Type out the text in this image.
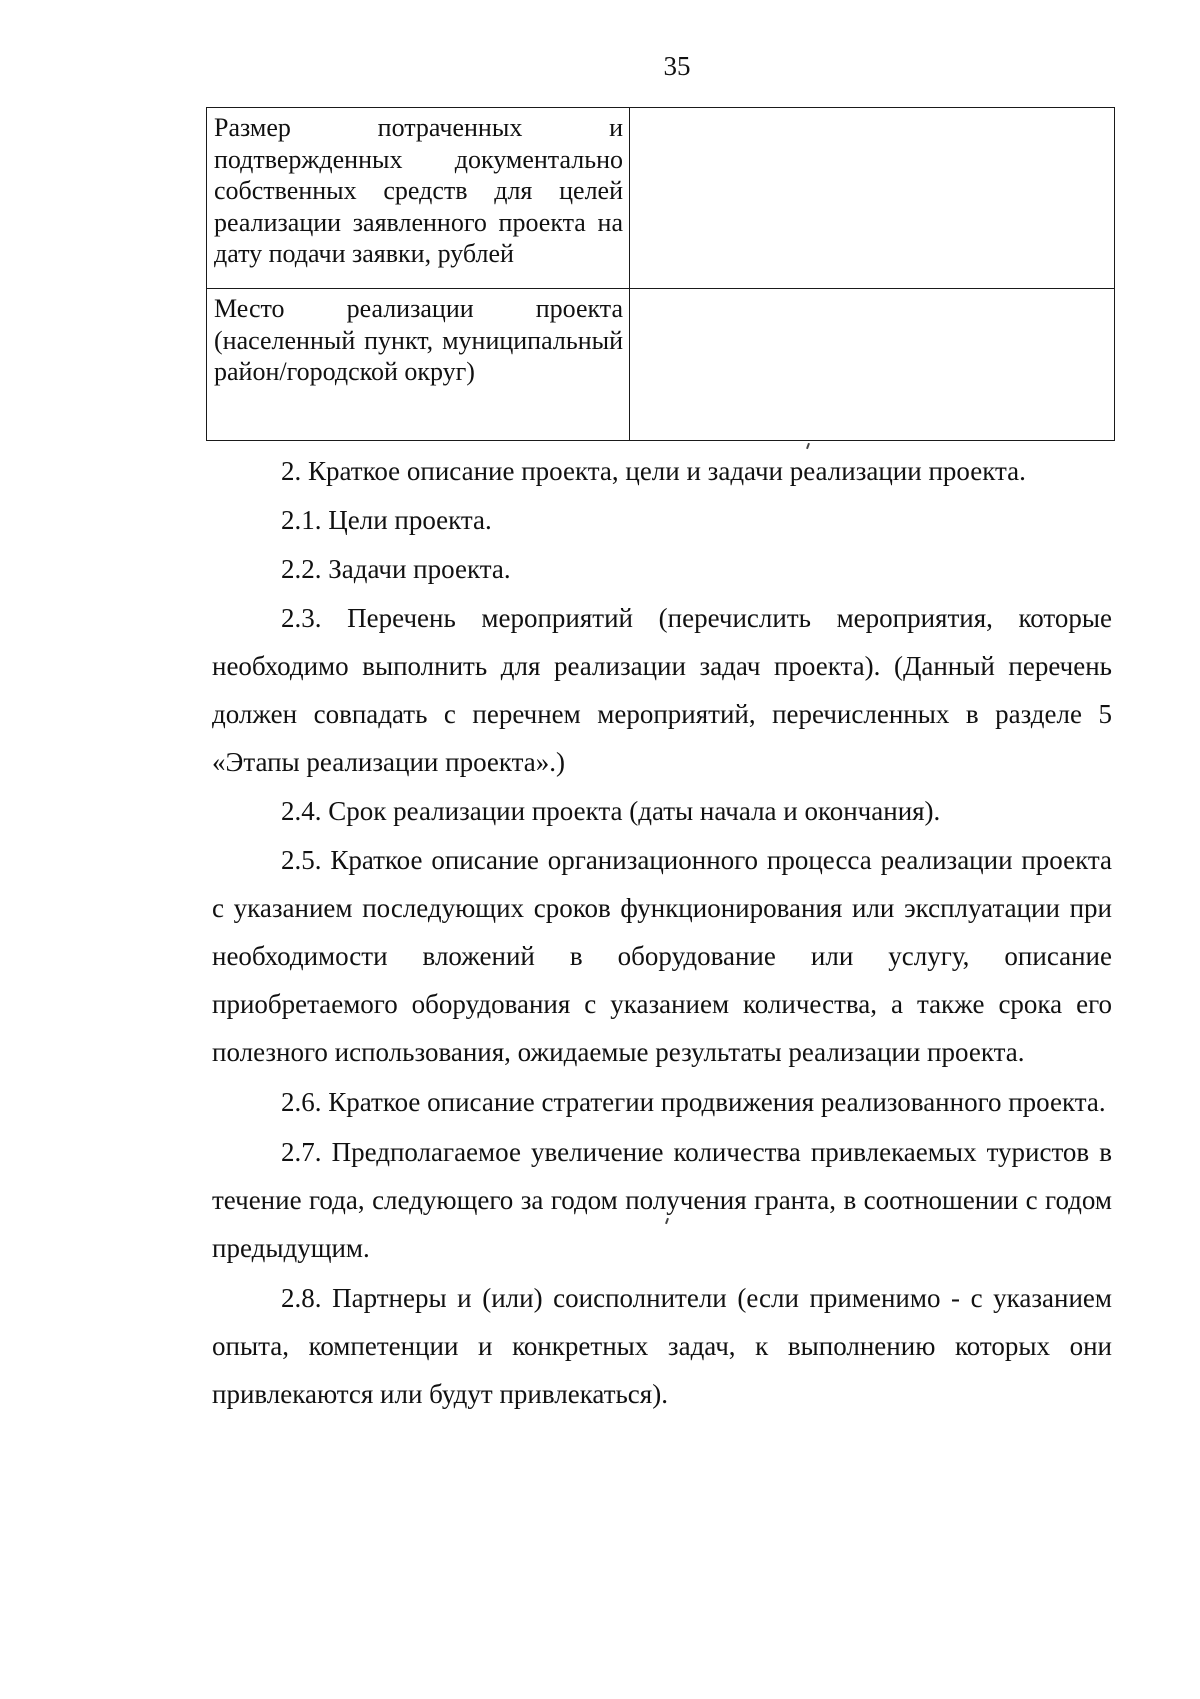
35
Размер потраченных и подтвержденных документально собственных средств для целей реализации заявленного проекта на дату подачи заявки, рублей	
Место реализации проекта (населенный пункт, муниципальный район/городской округ)	

2. Краткое описание проекта, цели и задачи реализации проекта.

2.1. Цели проекта.

2.2. Задачи проекта.

2.3. Перечень мероприятий (перечислить мероприятия, которые необходимо выполнить для реализации задач проекта). (Данный перечень должен совпадать с перечнем мероприятий, перечисленных в разделе 5 «Этапы реализации проекта».)

2.4. Срок реализации проекта (даты начала и окончания).

2.5. Краткое описание организационного процесса реализации проекта с указанием последующих сроков функционирования или эксплуатации при необходимости вложений в оборудование или услугу, описание приобретаемого оборудования с указанием количества, а также срока его полезного использования, ожидаемые результаты реализации проекта.

2.6. Краткое описание стратегии продвижения реализованного проекта.

2.7. Предполагаемое увеличение количества привлекаемых туристов в течение года, следующего за годом получения гранта, в соотношении с годом предыдущим.

2.8. Партнеры и (или) соисполнители (если применимо - с указанием опыта, компетенции и конкретных задач, к выполнению которых они привлекаются или будут привлекаться).
